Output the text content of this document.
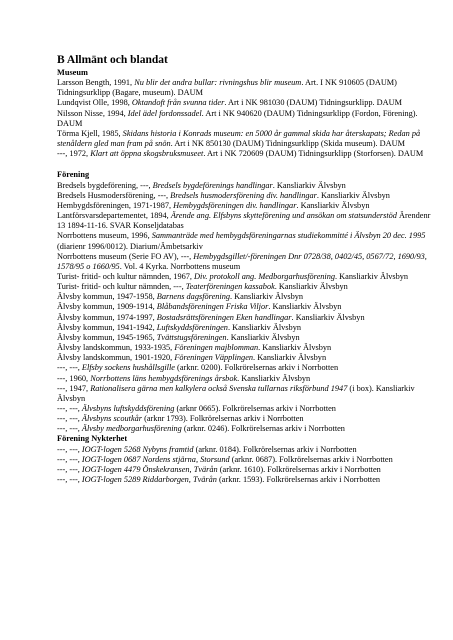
B Allmänt och blandat
Museum
Larsson Bength, 1991, Nu blir det andra bullar: rivningshus blir museum. Art. I NK 910605 (DAUM) Tidningsurklipp (Bagare, museum). DAUM
Lundqvist Olle, 1998, Oktandoft från svunna tider. Art i NK 981030 (DAUM) Tidningsurklipp. DAUM
Nilsson Nisse, 1994, Idel ädel fordonssadel. Art i NK 940620 (DAUM) Tidningsurklipp (Fordon, Förening). DAUM
Törma Kjell, 1985, Skidans historia i Konrads museum: en 5000 år gammal skida har återskapats; Redan på stenåldern gled man fram på snön. Art i NK 850130 (DAUM) Tidningsurklipp (Skida museum). DAUM
---, 1972, Klart att öppna skogsbruksmuseet. Art i NK 720609 (DAUM) Tidningsurklipp (Storforsen). DAUM
Förening
Bredsels bygdeförening, ---, Bredsels bygdeförenings handlingar. Kansliarkiv Älvsbyn
Bredsels Husmodersförening, ---, Bredsels husmodersförening div. handlingar. Kansliarkiv Älvsbyn
Hembygdsföreningen, 1971-1987, Hembygdsföreningen div. handlingar. Kansliarkiv Älvsbyn
Lantförsvarsdepartementet, 1894, Ärende ang. Elfsbyns skytteförening und ansökan om statsunderstöd Ärendenr 13 1894-11-16. SVAR Konseljdatabas
Norrbottens museum, 1996, Sammanträde med hembygdsföreningarnas studiekommitté i Älvsbyn 20 dec. 1995 (diarienr 1996/0012). Diarium/Ämbetsarkiv
Norrbottens museum (Serie FO AV), ---, Hembygdsgillet/-föreningen Dnr 0728/38, 0402/45, 0567/72, 1690/93, 1578/95 o 1660/95. Vol. 4 Kyrka. Norrbottens museum
Turist- fritid- och kultur nämnden, 1967, Div. protokoll ang. Medborgarhusförening. Kansliarkiv Älvsbyn
Turist- fritid- och kultur nämnden, ---, Teaterföreningen kassabok. Kansliarkiv Älvsbyn
Älvsby kommun, 1947-1958, Barnens dagsförening. Kansliarkiv Älvsbyn
Älvsby kommun, 1909-1914, Blåbandsföreningen Friska Viljor. Kansliarkiv Älvsbyn
Älvsby kommun, 1974-1997, Bostadsrättsföreningen Eken handlingar. Kansliarkiv Älvsbyn
Älvsby kommun, 1941-1942, Luftskyddsföreningen. Kansliarkiv Älvsbyn
Älvsby kommun, 1945-1965, Tvättstugsföreningen. Kansliarkiv Älvsbyn
Älvsby landskommun, 1933-1935, Föreningen majblomman. Kansliarkiv Älvsbyn
Älvsby landskommun, 1901-1920, Föreningen Väpplingen. Kansliarkiv Älvsbyn
---, ---, Elfsby sockens hushållsgille (arknr. 0200). Folkrörelsernas arkiv i Norrbotten
---, 1960, Norrbottens läns hembygdsförenings årsbok. Kansliarkiv Älvsbyn
---, 1947, Rationalisera gärna men kalkylera också Svenska tullarnas riksförbund 1947 (i box). Kansliarkiv Älvsbyn
---, ---, Älvsbyns luftskyddsförening (arknr 0665). Folkrörelsernas arkiv i Norrbotten
---, ---, Älvsbyns scoutkår (arknr 1793). Folkrörelsernas arkiv i Norrbotten
---, ---, Älvsby medborgarhusförening (arknr. 0246). Folkrörelsernas arkiv i Norrbotten
Förening Nykterhet
---, ---, IOGT-logen 5268 Nybyns framtid (arknr. 0184). Folkrörelsernas arkiv i Norrbotten
---, ---, IOGT-logen 0687 Nordens stjärna, Storsund (arknr. 0687). Folkrörelsernas arkiv i Norrbotten
---, ---, IOGT-logen 4479 Önskekransen, Tvärån (arknr. 1610). Folkrörelsernas arkiv i Norrbotten
---, ---, IOGT-logen 5289 Riddarborgen, Tvärån (arknr. 1593). Folkrörelsernas arkiv i Norrbotten
